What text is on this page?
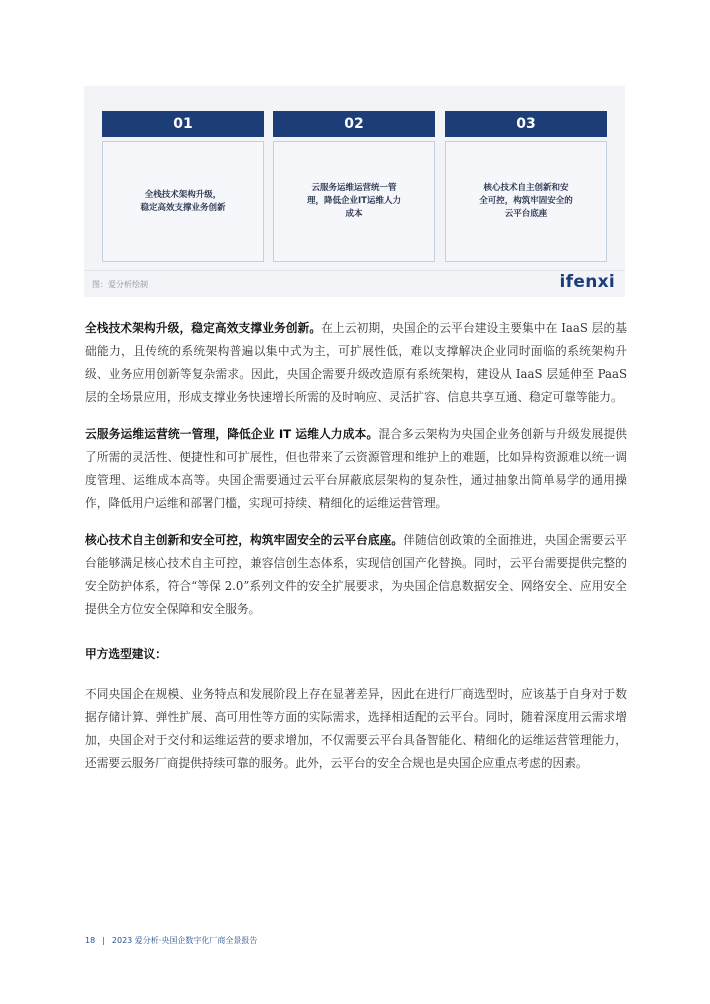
01
全栈技术架构升级，
稳定高效支撑业务创新
02
云服务运维运营统一管
理，降低企业IT运维人力
成本
03
核心技术自主创新和安
全可控，构筑牢固安全的
云平台底座
图：爱分析绘制	ifenxi

全栈技术架构升级，稳定高效支撑业务创新。在上云初期，央国企的云平台建设主要集中在 IaaS 层的基础能力，且传统的系统架构普遍以集中式为主，可扩展性低，难以支撑解决企业同时面临的系统架构升级、业务应用创新等复杂需求。因此，央国企需要升级改造原有系统架构，建设从 IaaS 层延伸至 PaaS 层的全场景应用，形成支撑业务快速增长所需的及时响应、灵活扩容、信息共享互通、稳定可靠等能力。

云服务运维运营统一管理，降低企业 IT 运维人力成本。混合多云架构为央国企业务创新与升级发展提供了所需的灵活性、便捷性和可扩展性，但也带来了云资源管理和维护上的难题，比如异构资源难以统一调度管理、运维成本高等。央国企需要通过云平台屏蔽底层架构的复杂性，通过抽象出简单易学的通用操作，降低用户运维和部署门槛，实现可持续、精细化的运维运营管理。

核心技术自主创新和安全可控，构筑牢固安全的云平台底座。伴随信创政策的全面推进，央国企需要云平台能够满足核心技术自主可控，兼容信创生态体系，实现信创国产化替换。同时，云平台需要提供完整的安全防护体系，符合“等保 2.0”系列文件的安全扩展要求，为央国企信息数据安全、网络安全、应用安全提供全方位安全保障和安全服务。

甲方选型建议：

不同央国企在规模、业务特点和发展阶段上存在显著差异，因此在进行厂商选型时，应该基于自身对于数据存储计算、弹性扩展、高可用性等方面的实际需求，选择相适配的云平台。同时，随着深度用云需求增加，央国企对于交付和运维运营的要求增加，不仅需要云平台具备智能化、精细化的运维运营管理能力，还需要云服务厂商提供持续可靠的服务。此外，云平台的安全合规也是央国企应重点考虑的因素。

18 | 2023 爱分析·央国企数字化厂商全景报告
